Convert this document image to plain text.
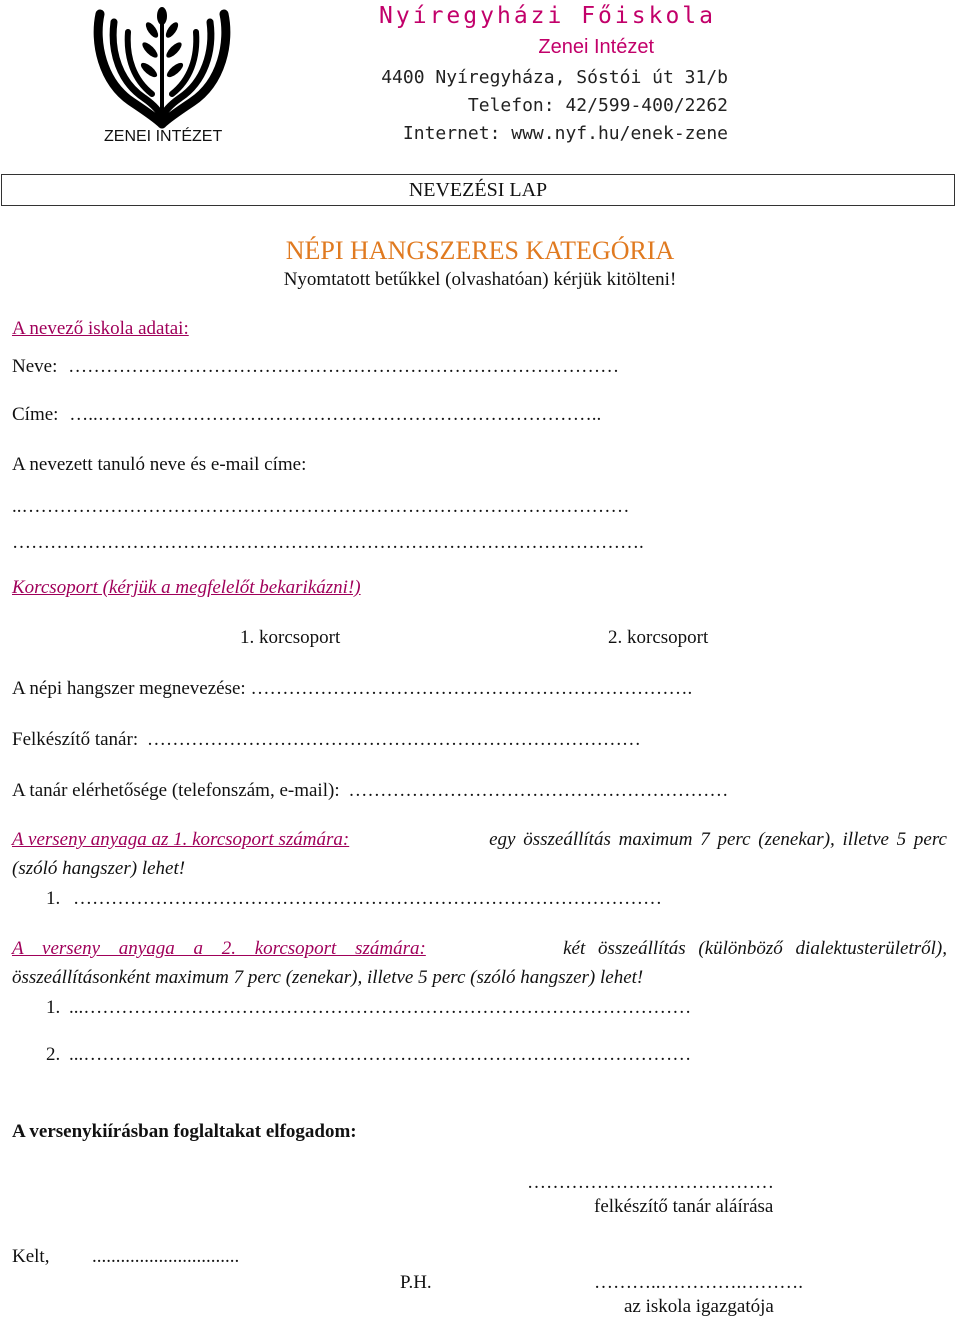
ZENEI INTÉZET
Nyíregyházi Főiskola
Zenei Intézet
4400 Nyíregyháza, Sóstói út 31/b
Telefon: 42/599-400/2262
Internet: www.nyf.hu/enek-zene
NEVEZÉSI LAP
NÉPI HANGSZERES KATEGÓRIA
Nyomtatott betűkkel (olvashatóan) kérjük kitölteni!
A nevező iskola adatai:
Neve: ……………………………………………………………………………
Címe: …..……………………………………………………………………..
A nevezett tanuló neve és e-mail címe:
..……………………………………………………………………………………
……………………………………………………………………………………….
Korcsoport (kérjük a megfelelőt bekarikázni!)
1. korcsoport	2. korcsoport
A népi hangszer megnevezése: …………………………………………………………….
Felkészítő tanár: ……………………………………………………………………
A tanár elérhetősége (telefonszám, e-mail): ……………………………………………………
A verseny anyaga az 1. korcsoport számára:	egy összeállítás maximum 7 perc (zenekar), illetve 5 perc
(szóló hangszer) lehet!
1. …………………………………………………………………………………
A verseny anyaga a 2. korcsoport számára:	két összeállítás (különböző dialektusterületről),
összeállításonként maximum 7 perc (zenekar), illetve 5 perc (szóló hangszer) lehet!
1. ...……………………………………………………………………………………
2. ...……………………………………………………………………………………
A versenykiírásban foglaltakat elfogadom:
…………………………………
felkészítő tanár aláírása
Kelt, ...............................
P.H.	………..………….……….
az iskola igazgatója
